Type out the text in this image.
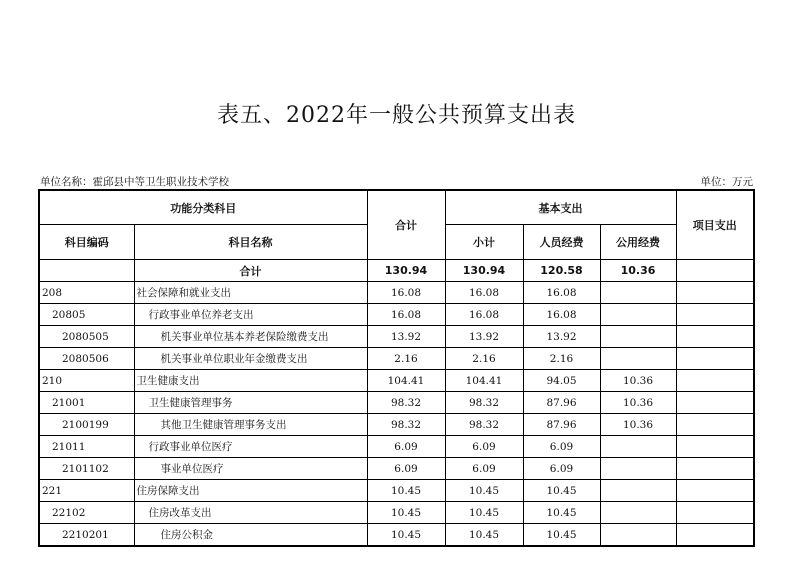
表五、2022年一般公共预算支出表
单位名称：霍邱县中等卫生职业技术学校	单位：万元
功能分类科目		合计	基本支出			项目支出
科目编码	科目名称		小计	人员经费	公用经费	
	合计	130.94	130.94	120.58	10.36	
208	社会保障和就业支出	16.08	16.08	16.08		
20805	行政事业单位养老支出	16.08	16.08	16.08		
2080505	机关事业单位基本养老保险缴费支出	13.92	13.92	13.92		
2080506	机关事业单位职业年金缴费支出	2.16	2.16	2.16		
210	卫生健康支出	104.41	104.41	94.05	10.36	
21001	卫生健康管理事务	98.32	98.32	87.96	10.36	
2100199	其他卫生健康管理事务支出	98.32	98.32	87.96	10.36	
21011	行政事业单位医疗	6.09	6.09	6.09		
2101102	事业单位医疗	6.09	6.09	6.09		
221	住房保障支出	10.45	10.45	10.45		
22102	住房改革支出	10.45	10.45	10.45		
2210201	住房公积金	10.45	10.45	10.45		
